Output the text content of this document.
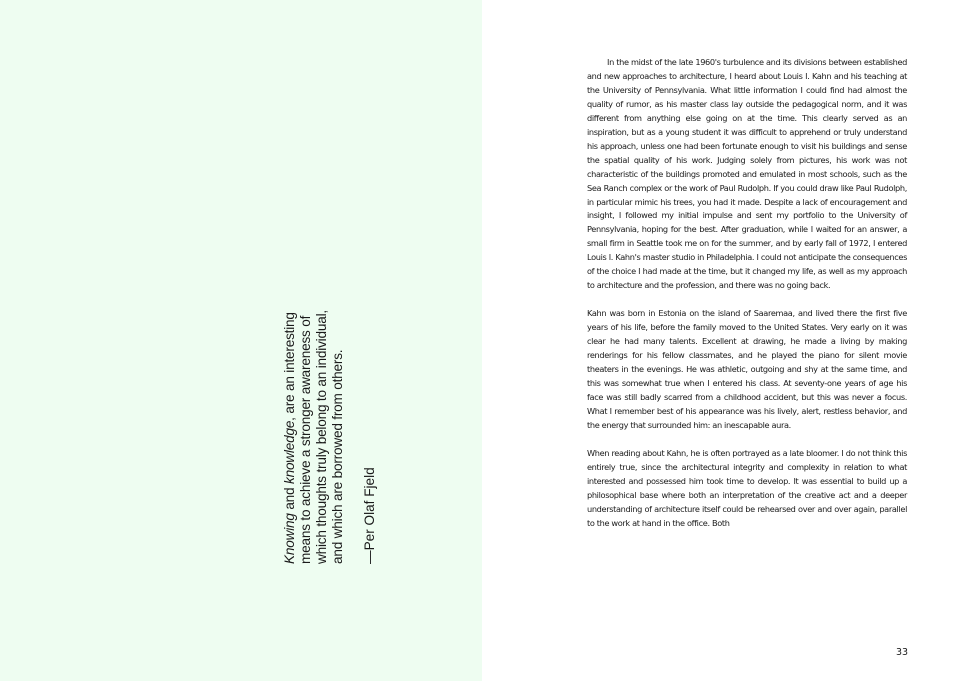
Knowing and knowledge, are an interesting means to achieve a stronger awareness of which thoughts truly belong to an individual, and which are borrowed from others. —Per Olaf Fjeld

In the midst of the late 1960's turbulence and its divisions between established and new approaches to architecture, I heard about Louis I. Kahn and his teaching at the University of Pennsylvania. What little information I could find had almost the quality of rumor, as his master class lay outside the pedagogical norm, and it was different from anything else going on at the time. This clearly served as an inspiration, but as a young student it was difficult to apprehend or truly understand his approach, unless one had been fortunate enough to visit his buildings and sense the spatial quality of his work. Judging solely from pictures, his work was not characteristic of the buildings promoted and emulated in most schools, such as the Sea Ranch complex or the work of Paul Rudolph. If you could draw like Paul Rudolph, in particular mimic his trees, you had it made. Despite a lack of encouragement and insight, I followed my initial impulse and sent my portfolio to the University of Pennsylvania, hoping for the best. After graduation, while I waited for an answer, a small firm in Seattle took me on for the summer, and by early fall of 1972, I entered Louis I. Kahn's master studio in Philadelphia. I could not anticipate the consequences of the choice I had made at the time, but it changed my life, as well as my approach to architecture and the profession, and there was no going back.

Kahn was born in Estonia on the island of Saaremaa, and lived there the first five years of his life, before the family moved to the United States. Very early on it was clear he had many talents. Excellent at drawing, he made a living by making renderings for his fellow classmates, and he played the piano for silent movie theaters in the evenings. He was athletic, outgoing and shy at the same time, and this was somewhat true when I entered his class. At seventy-one years of age his face was still badly scarred from a childhood accident, but this was never a focus. What I remember best of his appearance was his lively, alert, restless behavior, and the energy that surrounded him: an inescapable aura.

When reading about Kahn, he is often portrayed as a late bloomer. I do not think this entirely true, since the architectural integrity and complexity in relation to what interested and possessed him took time to develop. It was essential to build up a philosophical base where both an interpretation of the creative act and a deeper understanding of architecture itself could be rehearsed over and over again, parallel to the work at hand in the office. Both

33
